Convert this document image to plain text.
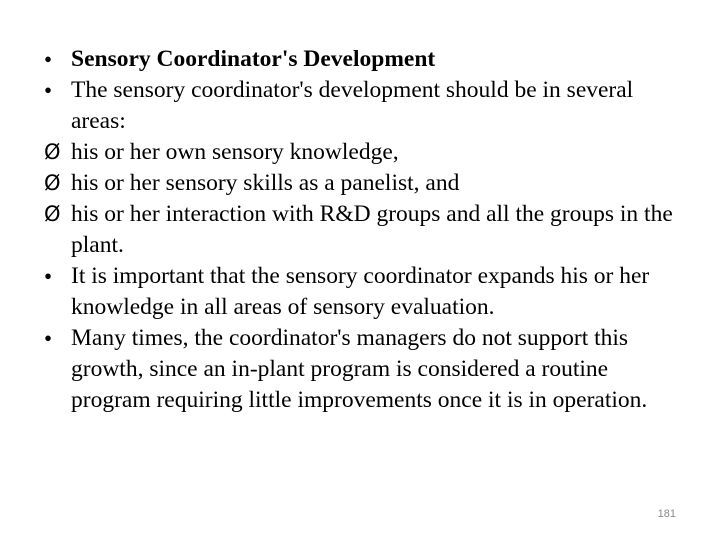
• Sensory Coordinator's Development
• The sensory coordinator's development should be in several areas:
Ø his or her own sensory knowledge,
Ø his or her sensory skills as a panelist, and
Ø his or her interaction with R&D groups and all the groups in the plant.
• It is important that the sensory coordinator expands his or her knowledge in all areas of sensory evaluation.
• Many times, the coordinator's managers do not support this growth, since an in-plant program is considered a routine program requiring little improvements once it is in operation.
181
